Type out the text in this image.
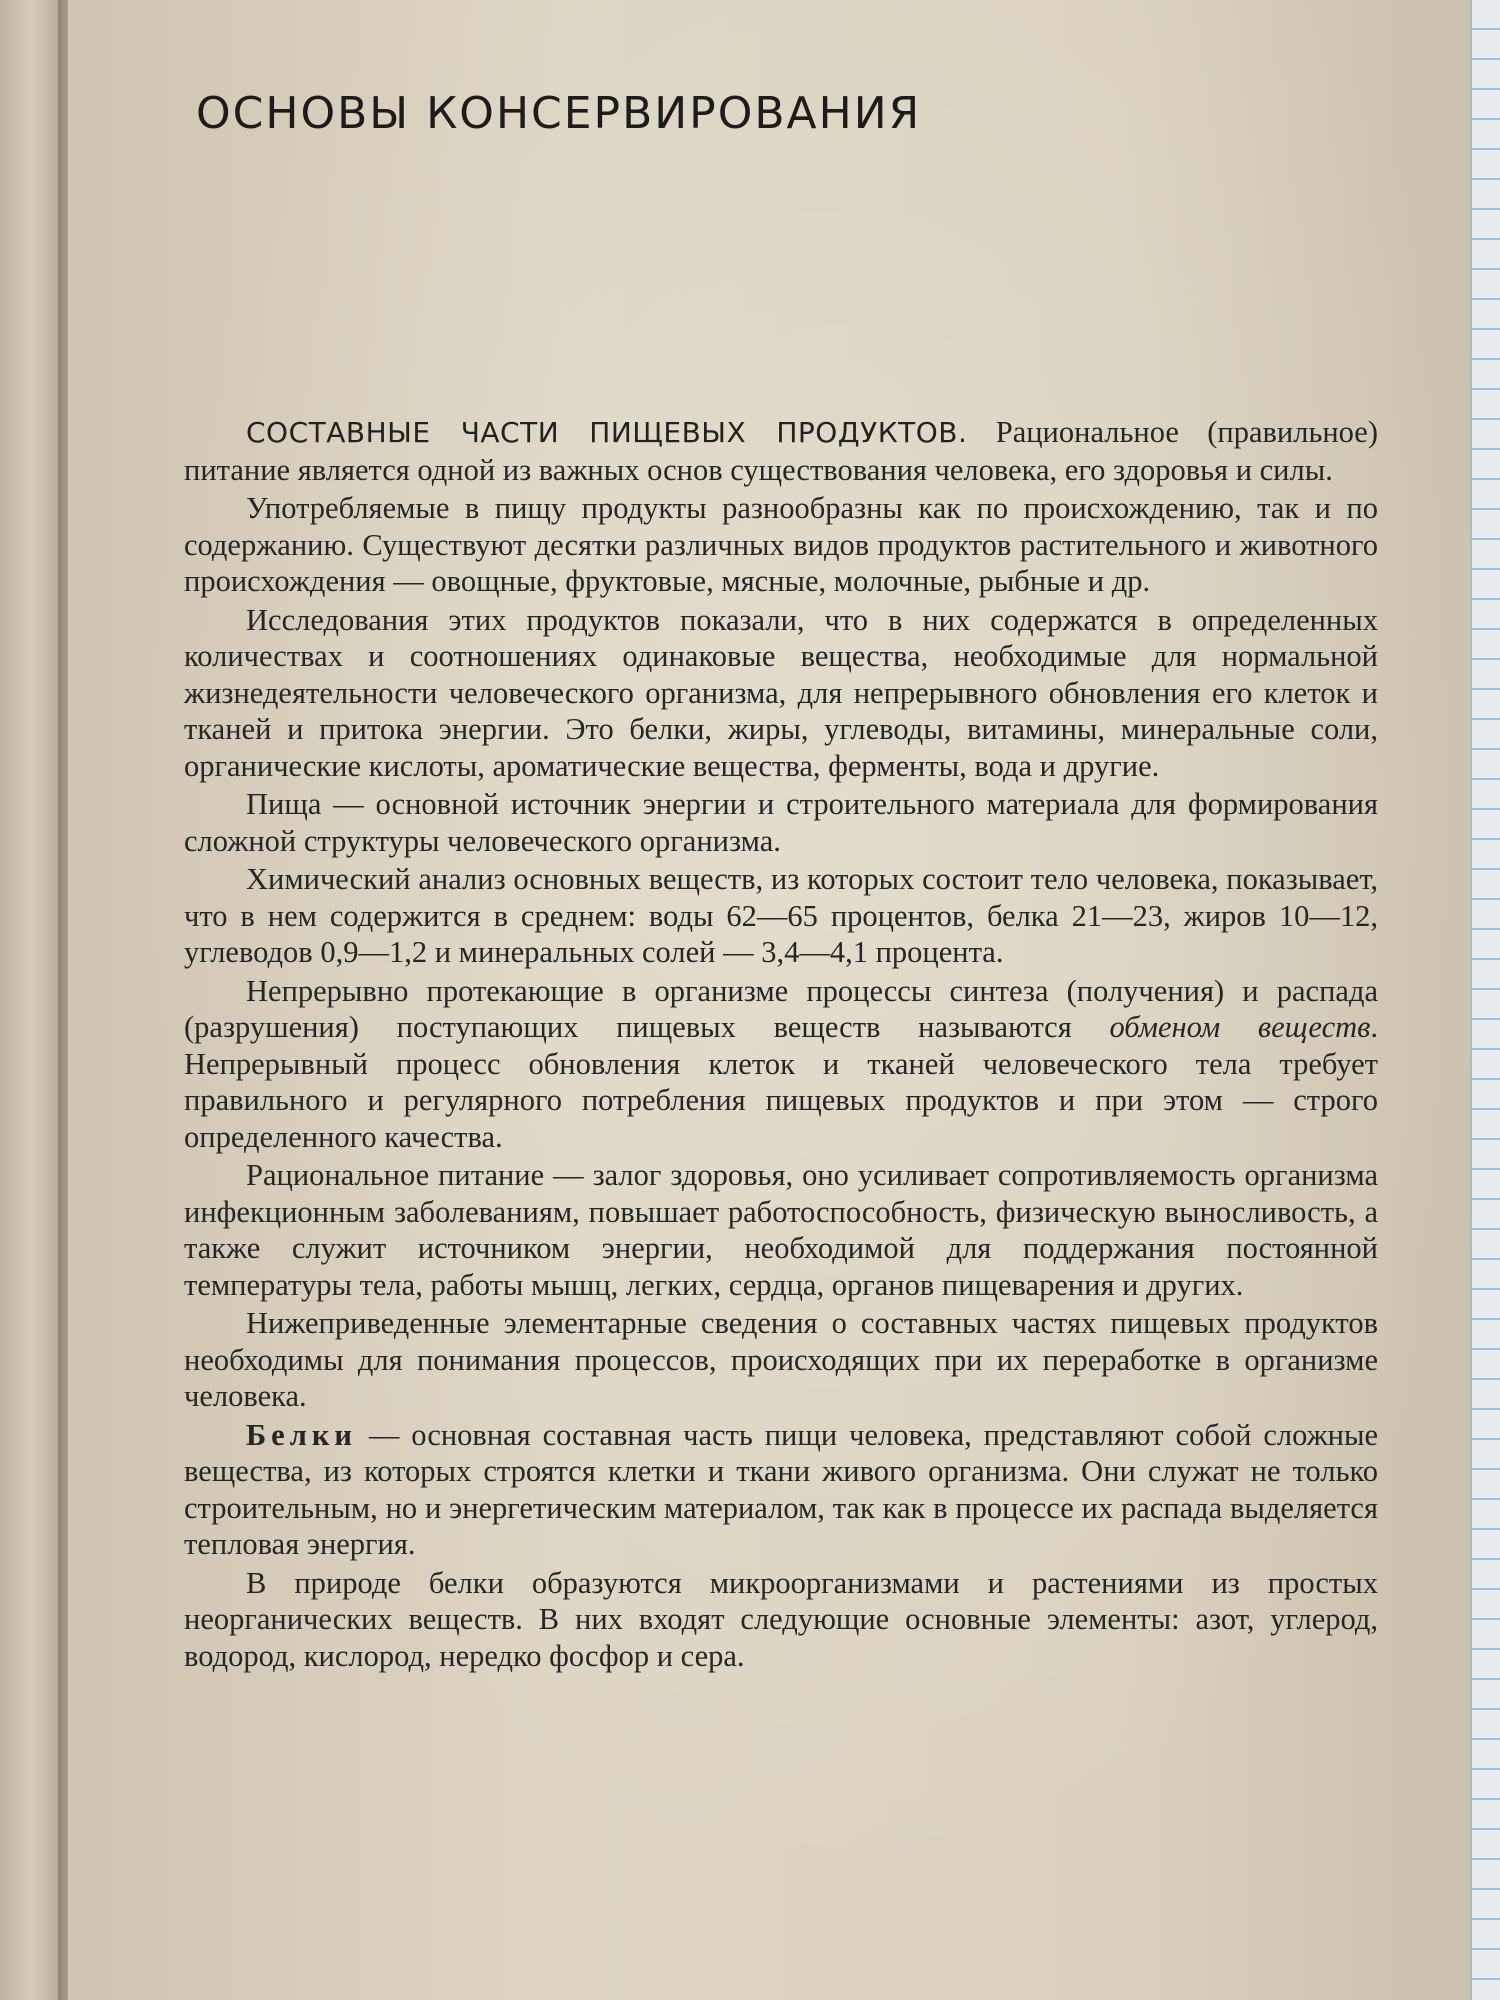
ОСНОВЫ КОНСЕРВИРОВАНИЯ

СОСТАВНЫЕ ЧАСТИ ПИЩЕВЫХ ПРОДУКТОВ. Рациональное (правильное) питание является одной из важных основ существования человека, его здоровья и силы.

Употребляемые в пищу продукты разнообразны как по происхождению, так и по содержанию. Существуют десятки различных видов продуктов растительного и животного происхождения — овощные, фруктовые, мясные, молочные, рыбные и др.

Исследования этих продуктов показали, что в них содержатся в определенных количествах и соотношениях одинаковые вещества, необходимые для нормальной жизнедеятельности человеческого организма, для непрерывного обновления его клеток и тканей и притока энергии. Это белки, жиры, углеводы, витамины, минеральные соли, органические кислоты, ароматические вещества, ферменты, вода и другие.

Пища — основной источник энергии и строительного материала для формирования сложной структуры человеческого организма.

Химический анализ основных веществ, из которых состоит тело человека, показывает, что в нем содержится в среднем: воды 62—65 процентов, белка 21—23, жиров 10—12, углеводов 0,9—1,2 и минеральных солей — 3,4—4,1 процента.

Непрерывно протекающие в организме процессы синтеза (получения) и распада (разрушения) поступающих пищевых веществ называются обменом веществ. Непрерывный процесс обновления клеток и тканей человеческого тела требует правильного и регулярного потребления пищевых продуктов и при этом — строго определенного качества.

Рациональное питание — залог здоровья, оно усиливает сопротивляемость организма инфекционным заболеваниям, повышает работоспособность, физическую выносливость, а также служит источником энергии, необходимой для поддержания постоянной температуры тела, работы мышц, легких, сердца, органов пищеварения и других.

Нижеприведенные элементарные сведения о составных частях пищевых продуктов необходимы для понимания процессов, происходящих при их переработке в организме человека.

Белки — основная составная часть пищи человека, представляют собой сложные вещества, из которых строятся клетки и ткани живого организма. Они служат не только строительным, но и энергетическим материалом, так как в процессе их распада выделяется тепловая энергия.

В природе белки образуются микроорганизмами и растениями из простых неорганических веществ. В них входят следующие основные элементы: азот, углерод, водород, кислород, нередко фосфор и сера.
